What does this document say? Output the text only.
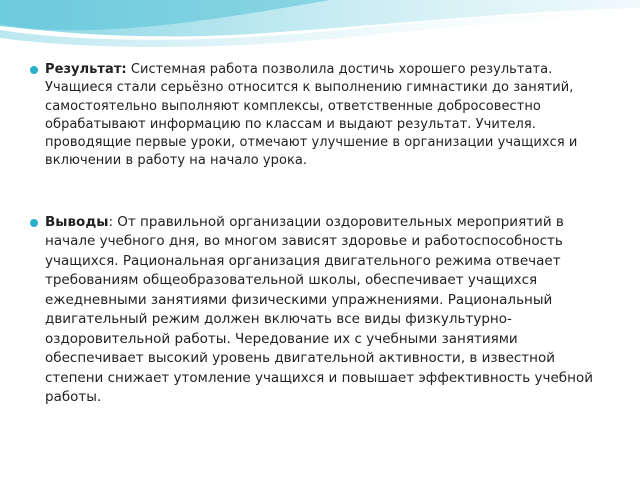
Результат: Системная работа позволила достичь хорошего результата. Учащиеся стали серьёзно относится к выполнению гимнастики до занятий, самостоятельно выполняют комплексы, ответственные добросовестно обрабатывают информацию по классам и выдают результат. Учителя. проводящие первые уроки, отмечают улучшение в организации учащихся и включении в работу на начало урока.

Выводы: От правильной организации оздоровительных мероприятий в начале учебного дня, во многом зависят здоровье и работоспособность учащихся. Рациональная организация двигательного режима отвечает требованиям общеобразовательной школы, обеспечивает учащихся ежедневными занятиями физическими упражнениями. Рациональный двигательный режим должен включать все виды физкультурно-оздоровительной работы. Чередование их с учебными занятиями обеспечивает высокий уровень двигательной активности, в известной степени снижает утомление учащихся и повышает эффективность учебной работы.
